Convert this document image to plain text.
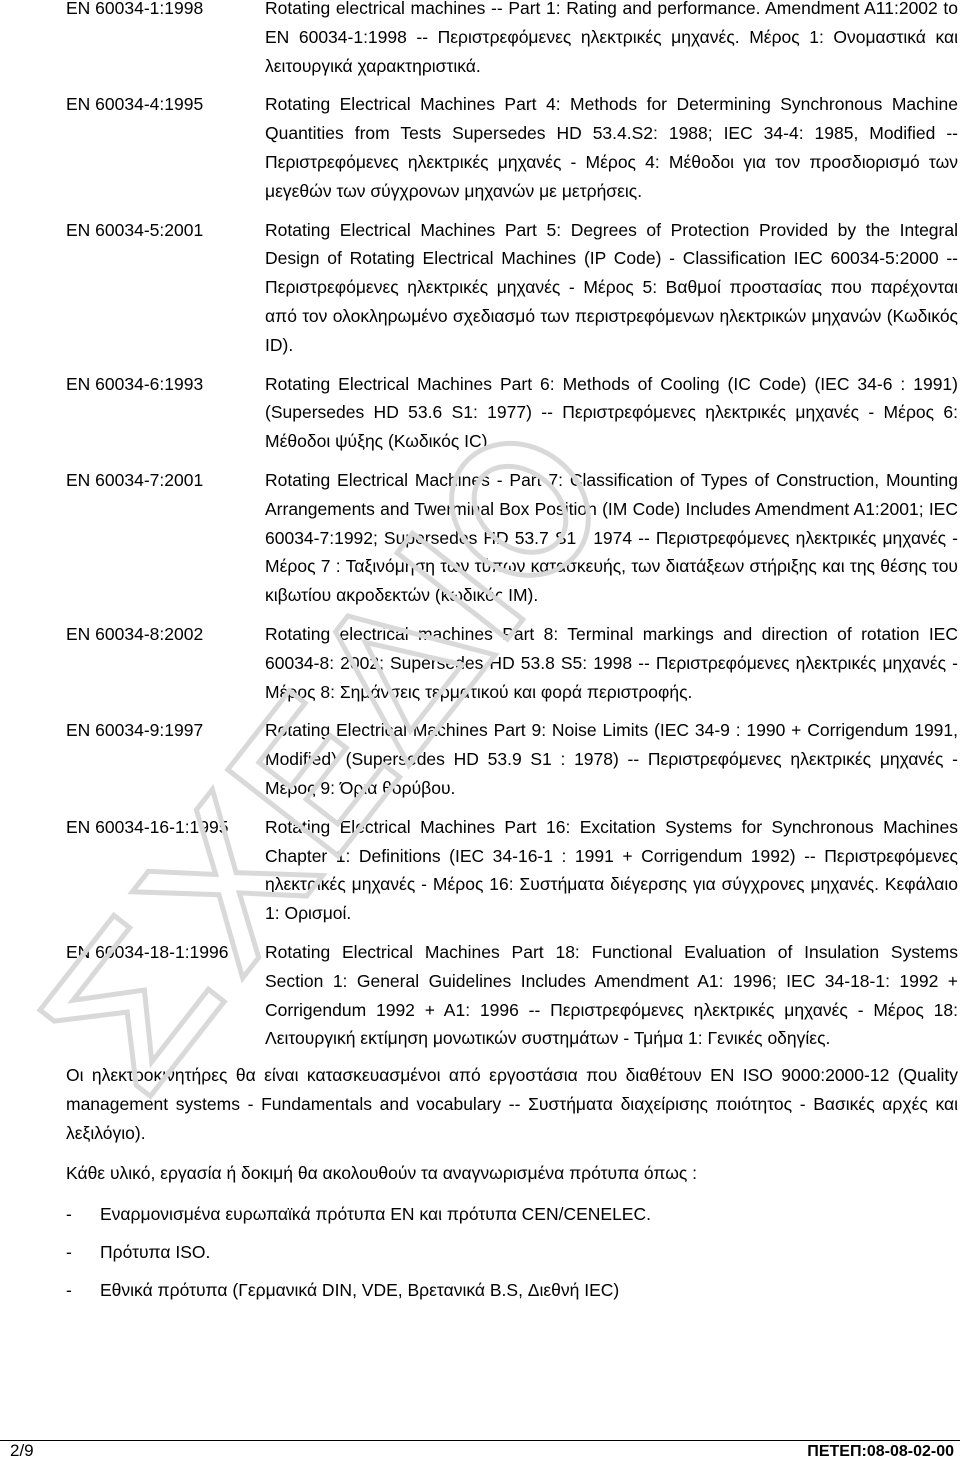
EN 60034-1:1998	Rotating electrical machines -- Part 1: Rating and performance. Amendment A11:2002 to EN 60034-1:1998 -- Περιστρεφόμενες ηλεκτρικές μηχανές. Μέρος 1: Ονομαστικά και λειτουργικά χαρακτηριστικά.
EN 60034-4:1995	Rotating Electrical Machines Part 4: Methods for Determining Synchronous Machine Quantities from Tests Supersedes HD 53.4.S2: 1988; IEC 34-4: 1985, Modified -- Περιστρεφόμενες ηλεκτρικές μηχανές - Μέρος 4: Μέθοδοι για τον προσδιορισμό των μεγεθών των σύγχρονων μηχανών με μετρήσεις.
EN 60034-5:2001	Rotating Electrical Machines Part 5: Degrees of Protection Provided by the Integral Design of Rotating Electrical Machines (IP Code) - Classification IEC 60034-5:2000 -- Περιστρεφόμενες ηλεκτρικές μηχανές - Μέρος 5: Βαθμοί προστασίας που παρέχονται από τον ολοκληρωμένο σχεδιασμό των περιστρεφόμενων ηλεκτρικών μηχανών (Κωδικός ID).
EN 60034-6:1993	Rotating Electrical Machines Part 6: Methods of Cooling (IC Code) (IEC 34-6 : 1991) (Supersedes HD 53.6 S1: 1977) -- Περιστρεφόμενες ηλεκτρικές μηχανές - Μέρος 6: Μέθοδοι ψύξης (Κωδικός IC).
EN 60034-7:2001	Rotating Electrical Machines - Part 7: Classification of Types of Construction, Mounting Arrangements and Twerminal Box Position (IM Code) Includes Amendment A1:2001; IEC 60034-7:1992; Supersedes HD 53.7 S1 : 1974 -- Περιστρεφόμενες ηλεκτρικές μηχανές - Μέρος 7 : Ταξινόμηση των τύπων κατασκευής, των διατάξεων στήριξης και της θέσης του κιβωτίου ακροδεκτών (κωδικός IM).
EN 60034-8:2002	Rotating electrical machines Part 8: Terminal markings and direction of rotation IEC 60034-8: 2002; Supersedes HD 53.8 S5: 1998 -- Περιστρεφόμενες ηλεκτρικές μηχανές - Μέρος 8: Σημάνσεις τερματικού και φορά περιστροφής.
EN 60034-9:1997	Rotating Electrical Machines Part 9: Noise Limits (IEC 34-9 : 1990 + Corrigendum 1991, Modified) (Supersedes HD 53.9 S1 : 1978) -- Περιστρεφόμενες ηλεκτρικές μηχανές - Μέρος 9: Όρια θορύβου.
EN 60034-16-1:1995	Rotating Electrical Machines Part 16: Excitation Systems for Synchronous Machines Chapter 1: Definitions (IEC 34-16-1 : 1991 + Corrigendum 1992) -- Περιστρεφόμενες ηλεκτρικές μηχανές - Μέρος 16: Συστήματα διέγερσης για σύγχρονες μηχανές. Κεφάλαιο 1: Ορισμοί.
EN 60034-18-1:1996	Rotating Electrical Machines Part 18: Functional Evaluation of Insulation Systems Section 1: General Guidelines Includes Amendment A1: 1996; IEC 34-18-1: 1992 + Corrigendum 1992 + A1: 1996 -- Περιστρεφόμενες ηλεκτρικές μηχανές - Μέρος 18: Λειτουργική εκτίμηση μονωτικών συστημάτων - Τμήμα 1: Γενικές οδηγίες.
Οι ηλεκτροκινητήρες θα είναι κατασκευασμένοι από εργοστάσια που διαθέτουν EN ISO 9000:2000-12 (Quality management systems - Fundamentals and vocabulary -- Συστήματα διαχείρισης ποιότητος - Βασικές αρχές και λεξιλόγιο).
Κάθε υλικό, εργασία ή δοκιμή θα ακολουθούν τα αναγνωρισμένα πρότυπα όπως :
-	Εναρμονισμένα ευρωπαϊκά πρότυπα EN και πρότυπα CEN/CENELEC.
-	Πρότυπα ISO.
-	Εθνικά πρότυπα (Γερμανικά DIN, VDE, Βρετανικά B.S, Διεθνή IEC)
2/9	ΠΕΤΕΠ:08-08-02-00
